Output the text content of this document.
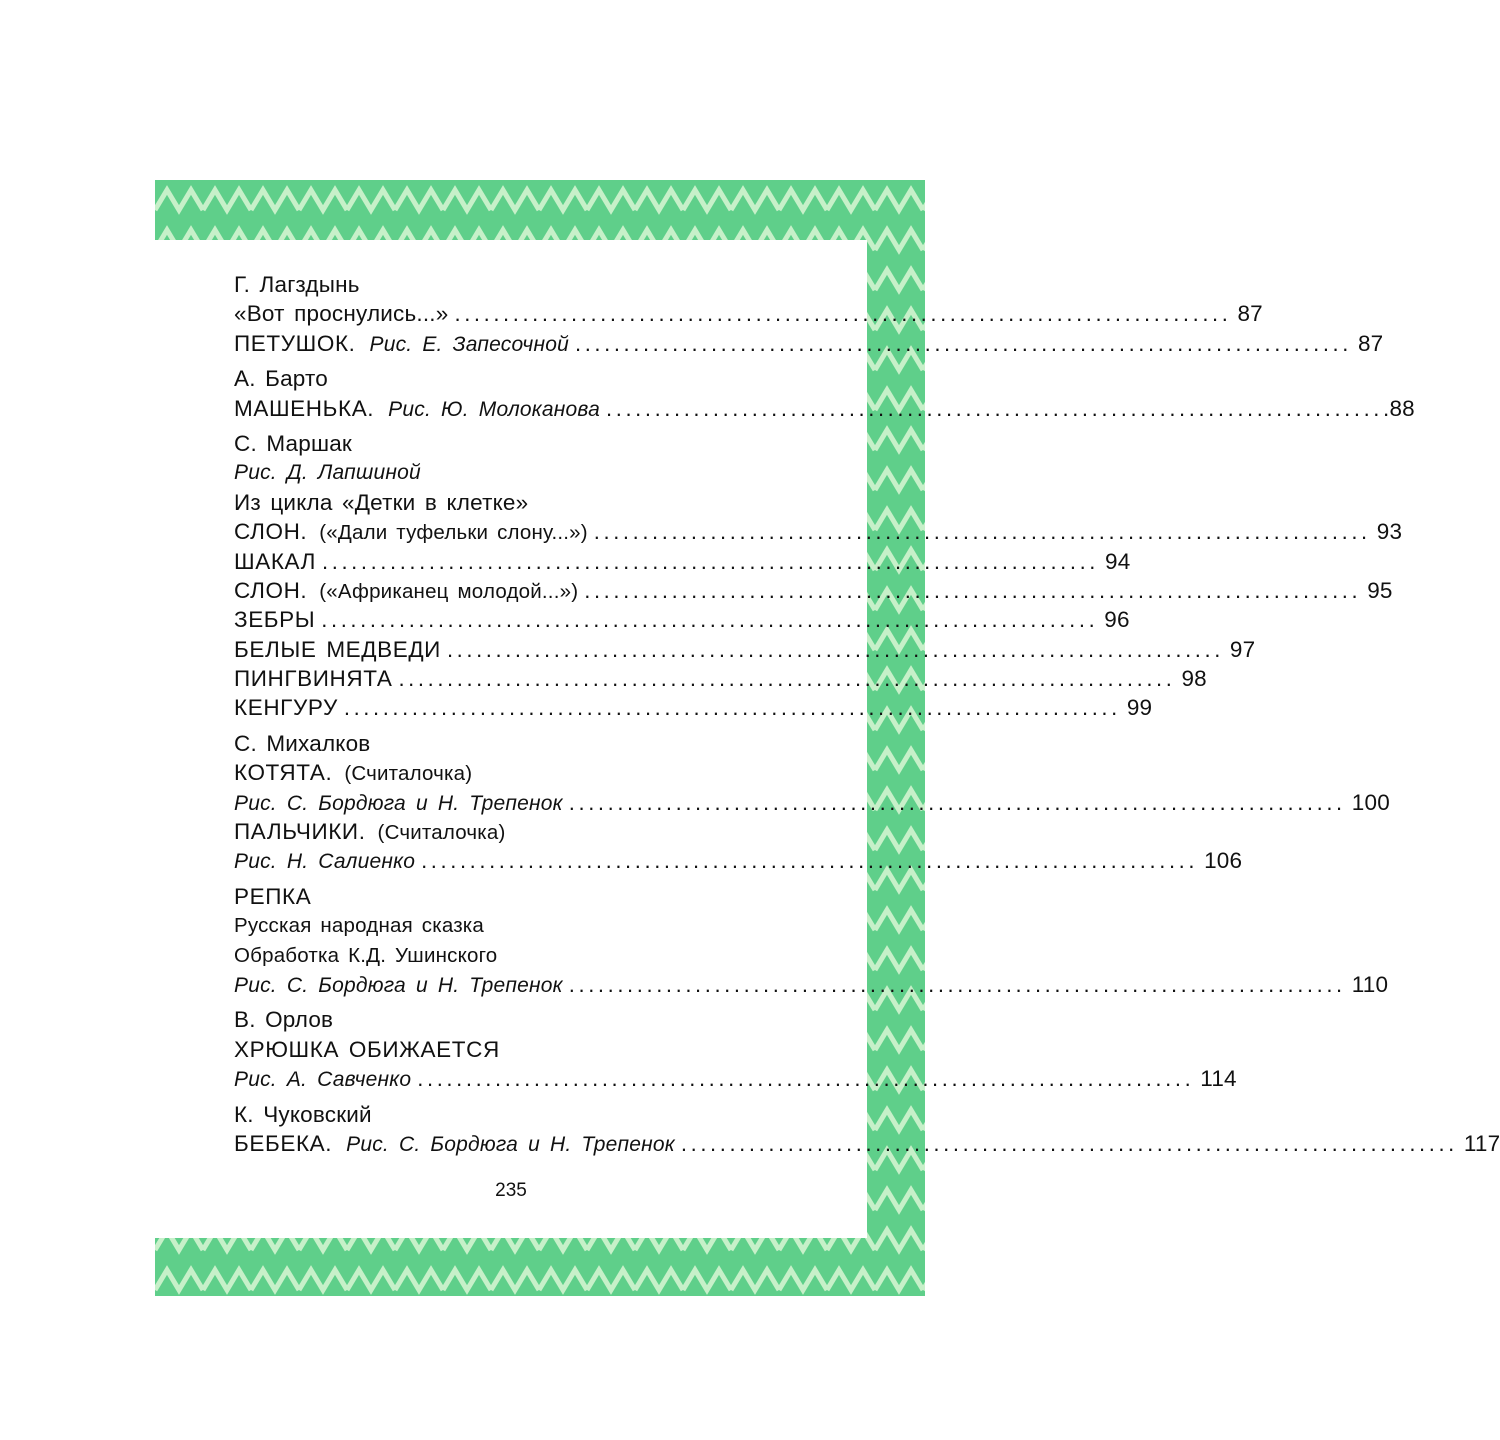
Г. Лагздынь
«Вот проснулись...» ................................................................................ 87
ПЕТУШОК. Рис. Е. Запесочной ................................................................................ 87
А. Барто
МАШЕНЬКА. Рис. Ю. Молоканова ................................................................................ .88
С. Маршак
Рис. Д. Лапшиной
Из цикла «Детки в клетке»
СЛОН. («Дали туфельки слону...») ................................................................................ 93
ШАКАЛ ................................................................................ 94
СЛОН. («Африканец молодой...») ................................................................................ 95
ЗЕБРЫ ................................................................................ 96
БЕЛЫЕ МЕДВЕДИ ................................................................................ 97
ПИНГВИНЯТА ................................................................................ 98
КЕНГУРУ ................................................................................ 99
С. Михалков
КОТЯТА. (Считалочка)
Рис. С. Бордюга и Н. Трепенок ................................................................................ 100
ПАЛЬЧИКИ. (Считалочка)
Рис. Н. Салиенко ................................................................................ 106
РЕПКА
Русская народная сказка
Обработка К.Д. Ушинского
Рис. С. Бордюга и Н. Трепенок ................................................................................ 110
В. Орлов
ХРЮШКА ОБИЖАЕТСЯ
Рис. А. Савченко ................................................................................ 114
К. Чуковский
БЕБЕКА. Рис. С. Бордюга и Н. Трепенок ................................................................................ 117
235
